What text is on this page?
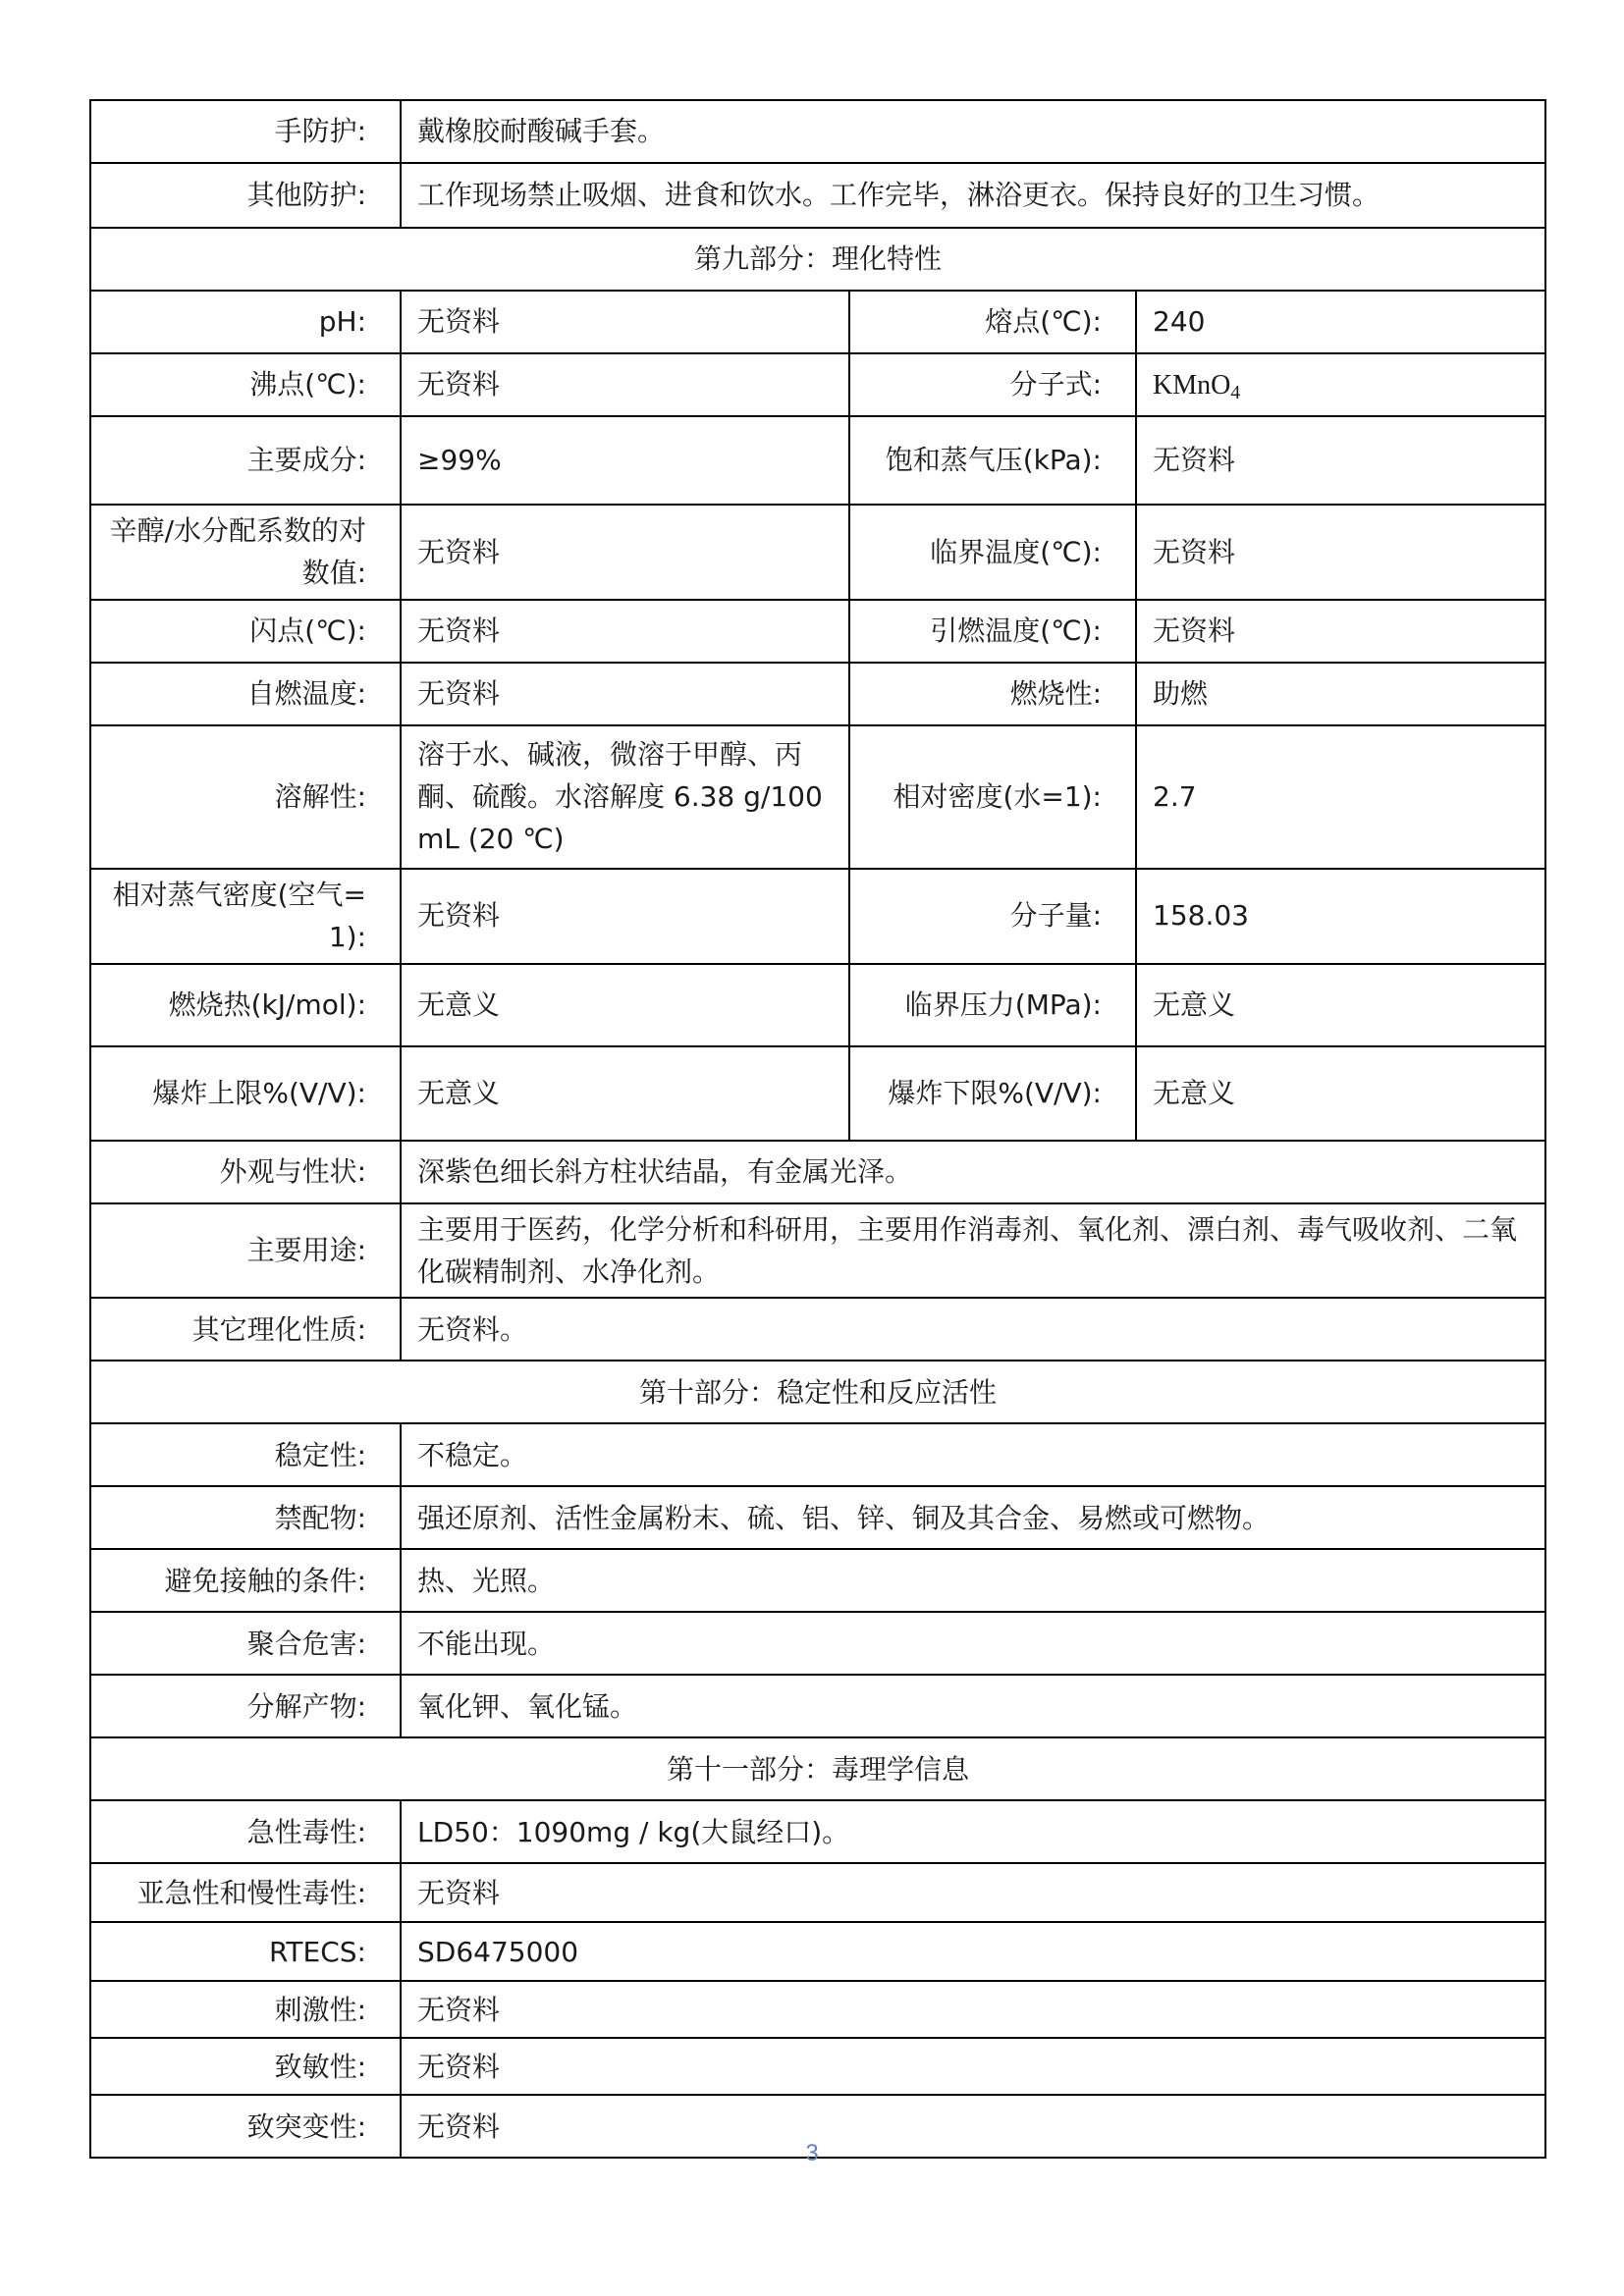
手防护:	戴橡胶耐酸碱手套。		
其他防护:	工作现场禁止吸烟、进食和饮水。工作完毕，淋浴更衣。保持良好的卫生习惯。		
第九部分：理化特性			
pH:	无资料	熔点(℃):	240
沸点(℃):	无资料	分子式:	KMnO$_4$
主要成分:	≥99%	饱和蒸气压(kPa):	无资料
辛醇/水分配系数的对数值:	无资料	临界温度(℃):	无资料
闪点(℃):	无资料	引燃温度(℃):	无资料
自燃温度:	无资料	燃烧性:	助燃
溶解性:	溶于水、碱液，微溶于甲醇、丙酮、硫酸。水溶解度 6.38 g/100 mL (20 ℃)	相对密度(水=1):	2.7
相对蒸气密度(空气=1):	无资料	分子量:	158.03
燃烧热(kJ/mol):	无意义	临界压力(MPa):	无意义
爆炸上限%(V/V):	无意义	爆炸下限%(V/V):	无意义
外观与性状:	深紫色细长斜方柱状结晶，有金属光泽。		
主要用途:	主要用于医药，化学分析和科研用，主要用作消毒剂、氧化剂、漂白剂、毒气吸收剂、二氧化碳精制剂、水净化剂。		
其它理化性质:	无资料。		
第十部分：稳定性和反应活性			
稳定性:	不稳定。		
禁配物:	强还原剂、活性金属粉末、硫、铝、锌、铜及其合金、易燃或可燃物。		
避免接触的条件:	热、光照。		
聚合危害:	不能出现。		
分解产物:	氧化钾、氧化锰。		
第十一部分：毒理学信息			
急性毒性:	LD50：1090mg / kg(大鼠经口)。		
亚急性和慢性毒性:	无资料		
RTECS:	SD6475000		
刺激性:	无资料		
致敏性:	无资料		
致突变性:	无资料		
3
